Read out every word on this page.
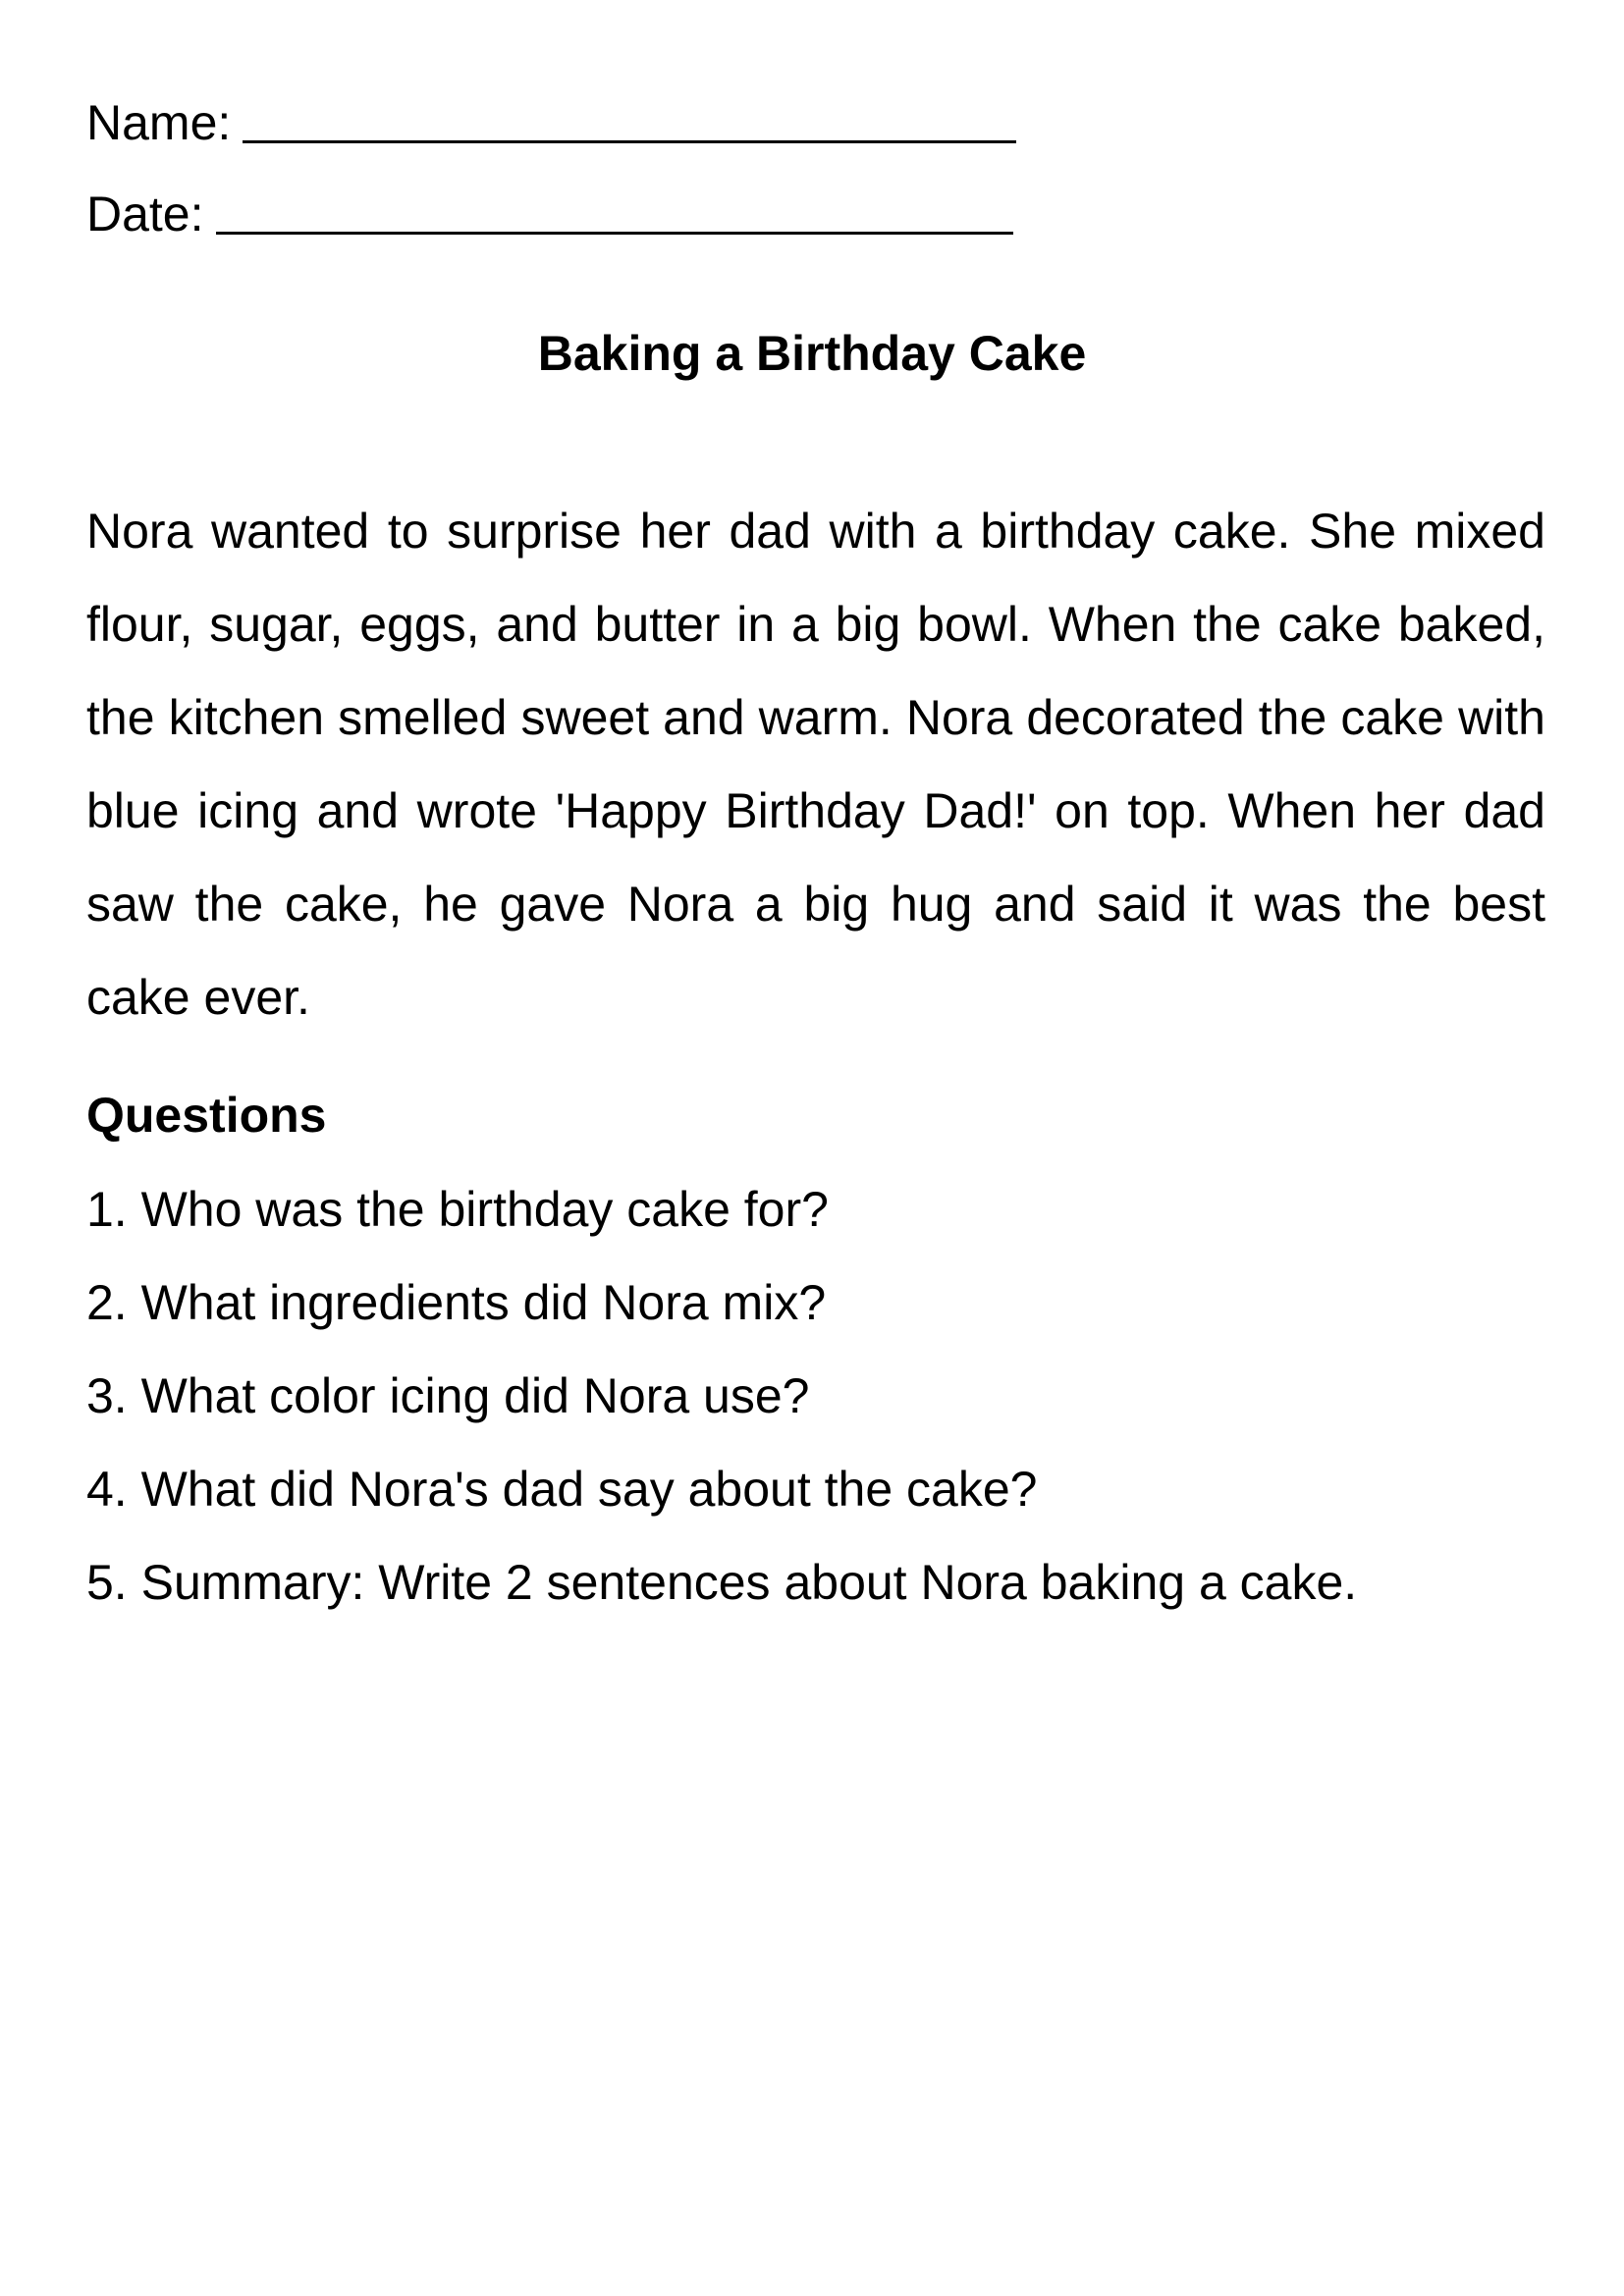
Name:
Date:
Baking a Birthday Cake

Nora wanted to surprise her dad with a birthday cake. She mixed flour, sugar, eggs, and butter in a big bowl. When the cake baked, the kitchen smelled sweet and warm. Nora decorated the cake with blue icing and wrote 'Happy Birthday Dad!' on top. When her dad saw the cake, he gave Nora a big hug and said it was the best cake ever.

Questions
1. Who was the birthday cake for?
2. What ingredients did Nora mix?
3. What color icing did Nora use?
4. What did Nora's dad say about the cake?
5. Summary: Write 2 sentences about Nora baking a cake.
